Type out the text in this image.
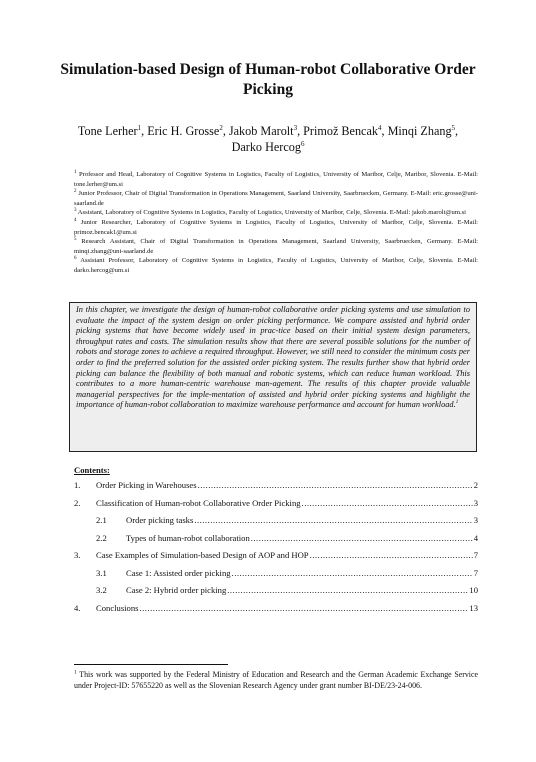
Simulation-based Design of Human-robot Collaborative Order Picking
Tone Lerher$^1$, Eric H. Grosse$^2$, Jakob Marolt$^3$, Primož Bencak$^4$, Minqi Zhang$^5$, Darko Hercog$^6$
$^1$ Professor and Head, Laboratory of Cognitive Systems in Logistics, Faculty of Logistics, University of Maribor, Celje, Maribor, Slovenia. E-Mail: tone.lerher@um.si
$^2$ Junior Professor, Chair of Digital Transformation in Operations Management, Saarland University, Saarbruecken, Germany. E-Mail: eric.grosse@uni-saarland.de
$^3$ Assistant, Laboratory of Cognitive Systems in Logistics, Faculty of Logistics, University of Maribor, Celje, Slovenia. E-Mail: jakob.marolt@um.si
$^4$ Junior Researcher, Laboratory of Cognitive Systems in Logistics, Faculty of Logistics, University of Maribor, Celje, Slovenia. E-Mail: primoz.bencak1@um.si
$^5$ Research Assistant, Chair of Digital Transformation in Operations Management, Saarland University, Saarbruecken, Germany. E-Mail: minqi.zhang@uni-saarland.de
$^6$ Assistant Professor, Laboratory of Cognitive Systems in Logistics, Faculty of Logistics, University of Maribor, Celje, Slovenia. E-Mail: darko.hercog@um.si
In this chapter, we investigate the design of human-robot collaborative order picking systems and use simulation to evaluate the impact of the system design on order picking performance. We compare assisted and hybrid order picking systems that have become widely used in prac-tice based on their initial system design parameters, throughput rates and costs. The simulation results show that there are several possible solutions for the number of robots and storage zones to achieve a required throughput. However, we still need to consider the minimum costs per order to find the preferred solution for the assisted order picking system. The results further show that hybrid order picking can balance the flexibility of both manual and robotic systems, which can reduce human workload. This contributes to a more human-centric warehouse man-agement. The results of this chapter provide valuable managerial perspectives for the imple-mentation of assisted and hybrid order picking systems and highlight the importance of human-robot collaboration to maximize warehouse performance and account for human workload.$^1$
Contents:
1.	Order Picking in Warehouses .....	2
2.	Classification of Human-robot Collaborative Order Picking .....	3
2.1	Order picking tasks .....	3
2.2	Types of human-robot collaboration .....	4
3.	Case Examples of Simulation-based Design of AOP and HOP .....	7
3.1	Case 1: Assisted order picking .....	7
3.2	Case 2: Hybrid order picking .....	10
4.	Conclusions .....	13
$^1$ This work was supported by the Federal Ministry of Education and Research and the German Academic Exchange Service under Project-ID: 57655220 as well as the Slovenian Research Agency under grant number BI-DE/23-24-006.
